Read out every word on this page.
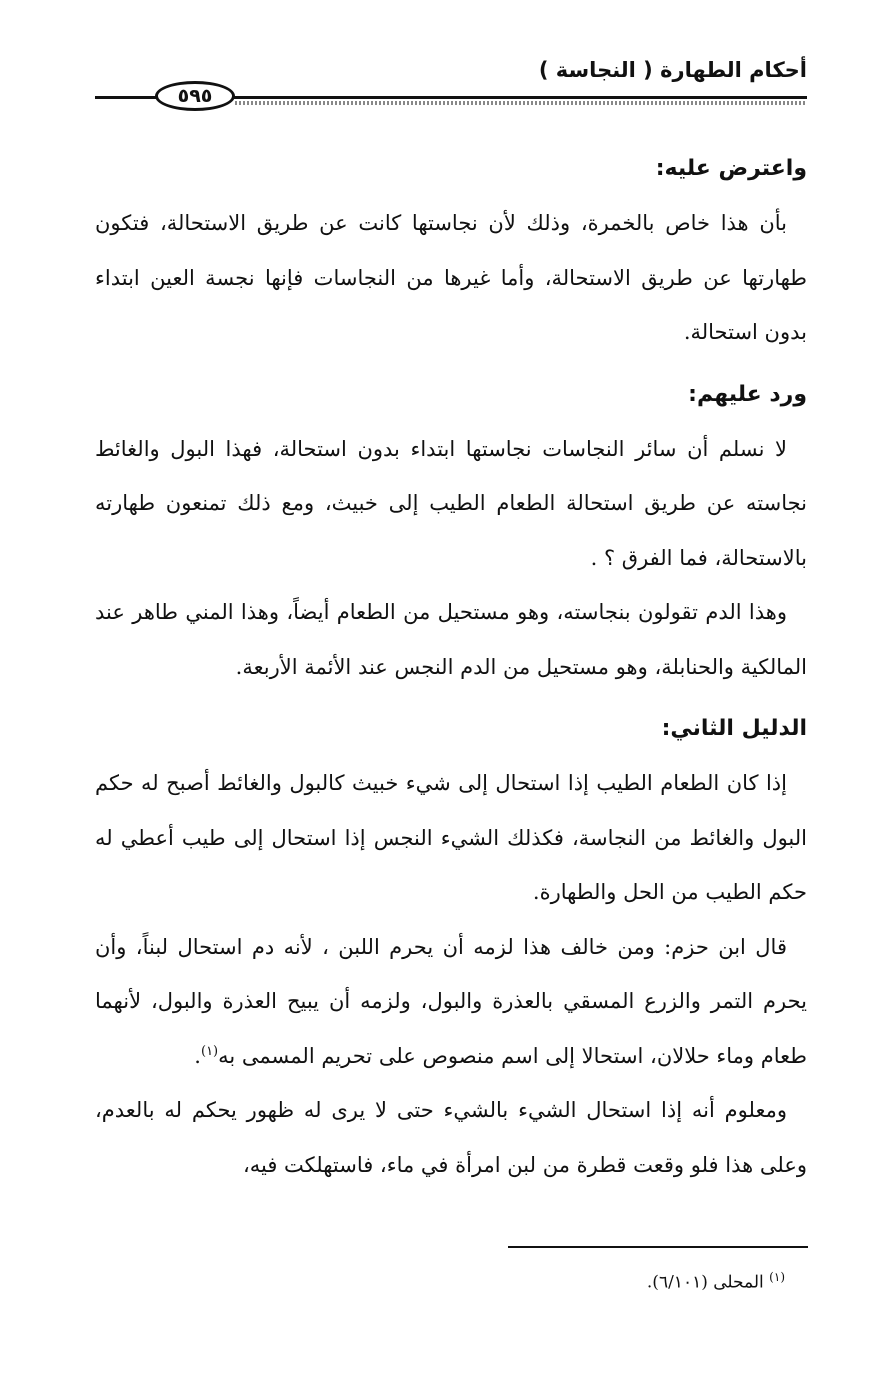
أحكام الطهارة ( النجاسة )
٥٩٥

واعترض عليه:

بأن هذا خاص بالخمرة، وذلك لأن نجاستها كانت عن طريق الاستحالة، فتكون طهارتها عن طريق الاستحالة، وأما غيرها من النجاسات فإنها نجسة العين ابتداء بدون استحالة.

ورد عليهم:

لا نسلم أن سائر النجاسات نجاستها ابتداء بدون استحالة، فهذا البول والغائط نجاسته عن طريق استحالة الطعام الطيب إلى خبيث، ومع ذلك تمنعون طهارته بالاستحالة، فما الفرق ؟ .

وهذا الدم تقولون بنجاسته، وهو مستحيل من الطعام أيضاً، وهذا المني طاهر عند المالكية والحنابلة، وهو مستحيل من الدم النجس عند الأئمة الأربعة.

الدليل الثاني:

إذا كان الطعام الطيب إذا استحال إلى شيء خبيث كالبول والغائط أصبح له حكم البول والغائط من النجاسة، فكذلك الشيء النجس إذا استحال إلى طيب أعطي له حكم الطيب من الحل والطهارة.

قال ابن حزم: ومن خالف هذا لزمه أن يحرم اللبن ، لأنه دم استحال لبناً، وأن يحرم التمر والزرع المسقي بالعذرة والبول، ولزمه أن يبيح العذرة والبول، لأنهما طعام وماء حلالان، استحالا إلى اسم منصوص على تحريم المسمى به$^{(١)}$.

ومعلوم أنه إذا استحال الشيء بالشيء حتى لا يرى له ظهور يحكم له بالعدم، وعلى هذا فلو وقعت قطرة من لبن امرأة في ماء، فاستهلكت فيه،

$^{(١)}$ المحلى (٦/١٠١).
